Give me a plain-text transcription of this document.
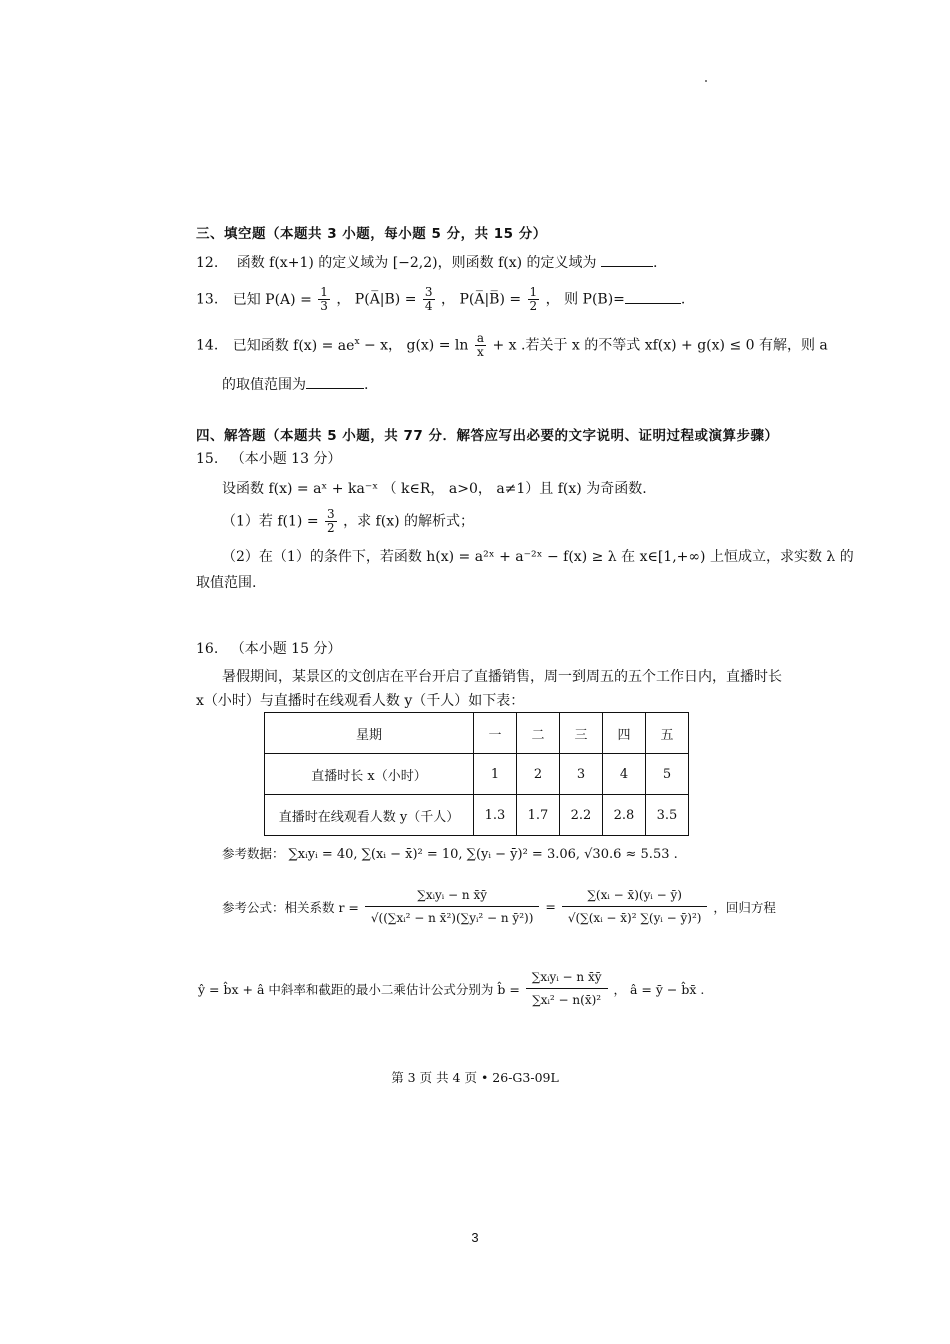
三、填空题（本题共 3 小题，每小题 5 分，共 15 分）
12. 函数 f(x+1) 的定义域为 [−2,2)，则函数 f(x) 的定义域为	.
13. 已知 $P(A) = \frac{1}{3}$ ， P(A̅|B) = $\frac{3}{4}$ ， P(A̅|B̅) = $\frac{1}{2}$ ， 则 P(B)=	.
14. 已知函数 $f(x) = ae^x - x$， $g(x) = \ln \frac{a}{x} + x$ .若关于 x 的不等式 xf(x) + g(x) ≤ 0 有解，则 a
的取值范围为	.
四、解答题（本题共 5 小题，共 77 分．解答应写出必要的文字说明、证明过程或演算步骤）
15. （本小题 13 分）
设函数 f(x) = aˣ + ka⁻ˣ （ k∈R， a>0， a≠1）且 f(x) 为奇函数.
（1）若 $f(1) = \frac{3}{2}$ ，求 f(x) 的解析式；
（2）在（1）的条件下，若函数 h(x) = a²ˣ + a⁻²ˣ − f(x) ≥ λ 在 x∈[1,+∞) 上恒成立，求实数 λ 的
取值范围.
16. （本小题 15 分）
暑假期间，某景区的文创店在平台开启了直播销售，周一到周五的五个工作日内，直播时长
x（小时）与直播时在线观看人数 y（千人）如下表：
星期	一	二	三	四	五
直播时长 x（小时）	1	2	3	4	5
直播时在线观看人数 y（千人）	1.3	1.7	2.2	2.8	3.5
参考数据： ∑xᵢyᵢ = 40, ∑(xᵢ − x̄)² = 10, ∑(yᵢ − ȳ)² = 3.06, √30.6 ≈ 5.53 .
参考公式：相关系数 $r = \frac{\text{∑xᵢyᵢ − n x̄ȳ}}{\text{√((∑xᵢ² − n x̄²)(∑yᵢ² − n ȳ²))}} = \frac{\text{∑(xᵢ − x̄)(yᵢ − ȳ)}}{\text{√(∑(xᵢ − x̄)² ∑(yᵢ − ȳ)²)}}$ ，回归方程
ŷ = b̂x + â 中斜率和截距的最小二乘估计公式分别为 b̂ = $\frac{\text{∑xᵢyᵢ − n x̄ȳ}}{\text{∑xᵢ² − n(x̄)²}}$ ， â = ȳ − b̂x̄ .
第 3 页 共 4 页 • 26-G3-09L
3
